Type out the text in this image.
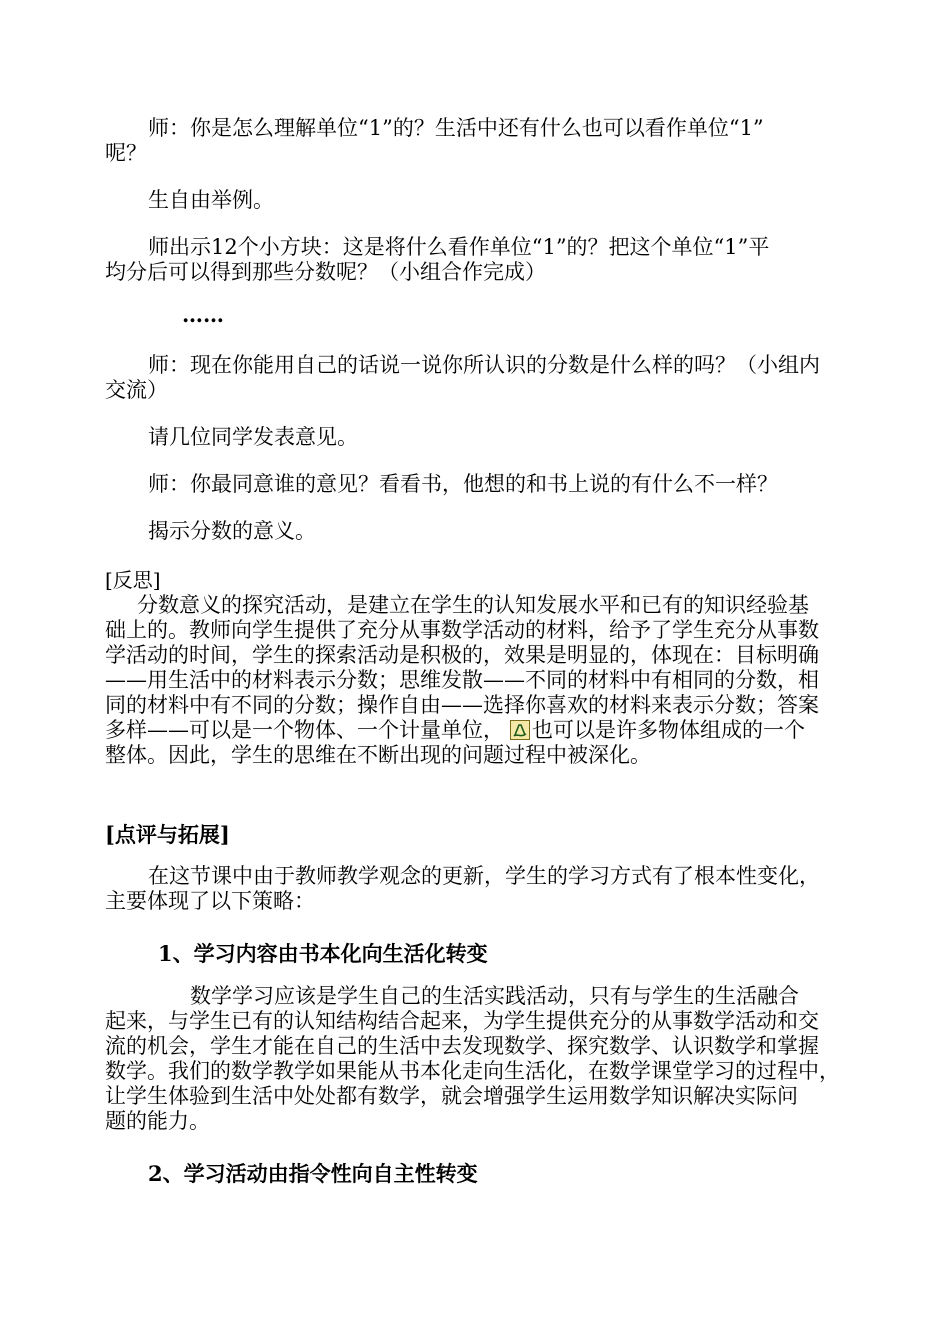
师：你是怎么理解单位“1”的？生活中还有什么也可以看作单位“1”
呢？
生自由举例。
师出示12个小方块：这是将什么看作单位“1”的？把这个单位“1”平
均分后可以得到那些分数呢？（小组合作完成）
……
师：现在你能用自己的话说一说你所认识的分数是什么样的吗？（小组内
交流）
请几位同学发表意见。
师：你最同意谁的意见？看看书，他想的和书上说的有什么不一样？
揭示分数的意义。
[反思]
分数意义的探究活动，是建立在学生的认知发展水平和已有的知识经验基
础上的。教师向学生提供了充分从事数学活动的材料，给予了学生充分从事数
学活动的时间，学生的探索活动是积极的，效果是明显的，体现在：目标明确
——用生活中的材料表示分数；思维发散——不同的材料中有相同的分数，相
同的材料中有不同的分数；操作自由——选择你喜欢的材料来表示分数；答案
多样——可以是一个物体、一个计量单位， 也可以是许多物体组成的一个
整体。因此，学生的思维在不断出现的问题过程中被深化。
[点评与拓展]
在这节课中由于教师教学观念的更新，学生的学习方式有了根本性变化，
主要体现了以下策略：
1、学习内容由书本化向生活化转变
数学学习应该是学生自己的生活实践活动，只有与学生的生活融合
起来，与学生已有的认知结构结合起来，为学生提供充分的从事数学活动和交
流的机会，学生才能在自己的生活中去发现数学、探究数学、认识数学和掌握
数学。我们的数学教学如果能从书本化走向生活化，在数学课堂学习的过程中，
让学生体验到生活中处处都有数学，就会增强学生运用数学知识解决实际问
题的能力。
2、学习活动由指令性向自主性转变
